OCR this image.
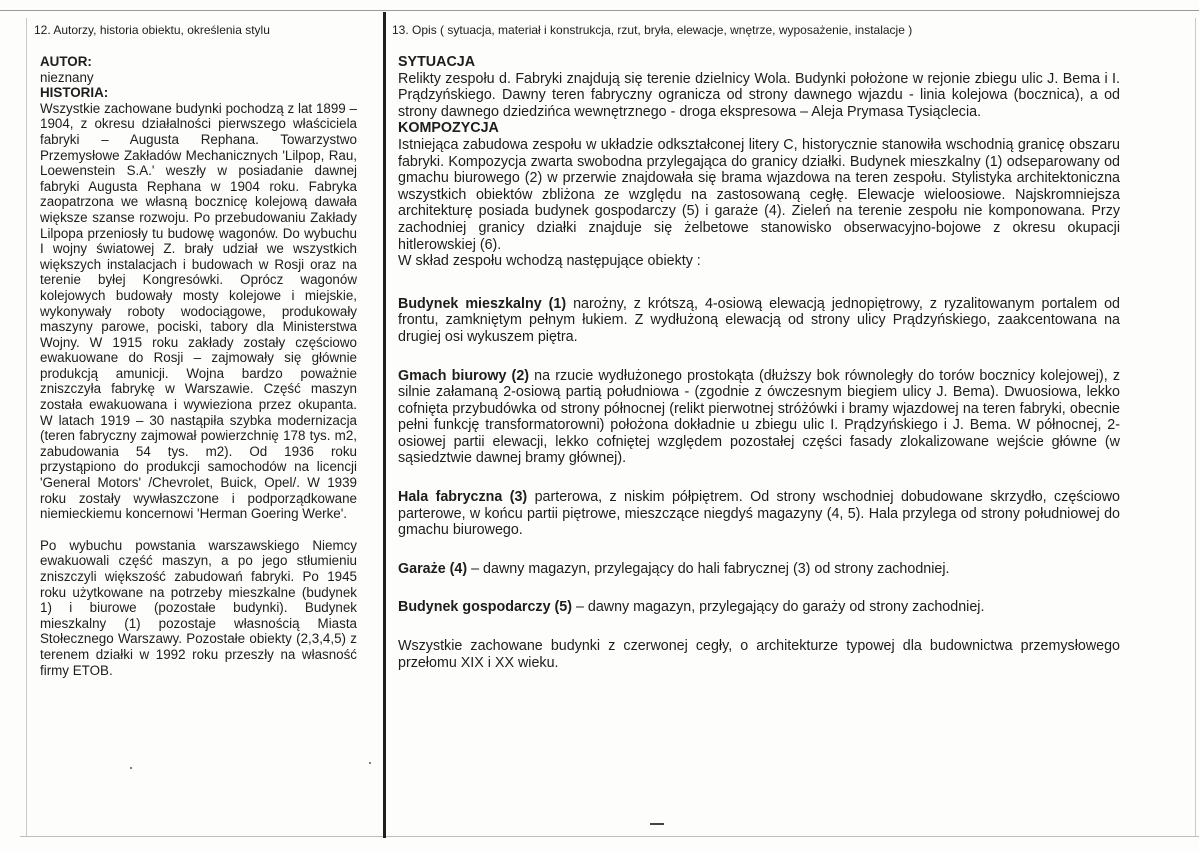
12. Autorzy, historia obiektu, określenia stylu	13. Opis ( sytuacja, materiał i konstrukcja, rzut, bryła, elewacje, wnętrze, wyposażenie, instalacje )

AUTOR:

nieznany

HISTORIA:

Wszystkie zachowane budynki pochodzą z lat 1899 – 1904, z okresu działalności pierwszego właściciela fabryki – Augusta Rephana. Towarzystwo Przemysłowe Zakładów Mechanicznych 'Lilpop, Rau, Loewenstein S.A.' weszły w posiadanie dawnej fabryki Augusta Rephana w 1904 roku. Fabryka zaopatrzona we własną bocznicę kolejową dawała większe szanse rozwoju. Po przebudowaniu Zakłady Lilpopa przeniosły tu budowę wagonów. Do wybuchu I wojny światowej Z. brały udział we wszystkich większych instalacjach i budowach w Rosji oraz na terenie byłej Kongresówki. Oprócz wagonów kolejowych budowały mosty kolejowe i miejskie, wykonywały roboty wodociągowe, produkowały maszyny parowe, pociski, tabory dla Ministerstwa Wojny. W 1915 roku zakłady zostały częściowo ewakuowane do Rosji – zajmowały się głównie produkcją amunicji. Wojna bardzo poważnie zniszczyła fabrykę w Warszawie. Część maszyn została ewakuowana i wywieziona przez okupanta. W latach 1919 – 30 nastąpiła szybka modernizacja (teren fabryczny zajmował powierzchnię 178 tys. m2, zabudowania 54 tys. m2). Od 1936 roku przystąpiono do produkcji samochodów na licencji 'General Motors' /Chevrolet, Buick, Opel/. W 1939 roku zostały wywłaszczone i podporządkowane niemieckiemu koncernowi 'Herman Goering Werke'.

Po wybuchu powstania warszawskiego Niemcy ewakuowali część maszyn, a po jego stłumieniu zniszczyli większość zabudowań fabryki. Po 1945 roku użytkowane na potrzeby mieszkalne (budynek 1) i biurowe (pozostałe budynki). Budynek mieszkalny (1) pozostaje własnością Miasta Stołecznego Warszawy. Pozostałe obiekty (2,3,4,5) z terenem działki w 1992 roku przeszły na własność firmy ETOB.

SYTUACJA

Relikty zespołu d. Fabryki znajdują się terenie dzielnicy Wola. Budynki położone w rejonie zbiegu ulic J. Bema i I. Prądzyńskiego. Dawny teren fabryczny ogranicza od strony dawnego wjazdu - linia kolejowa (bocznica), a od strony dawnego dziedzińca wewnętrznego - droga ekspresowa – Aleja Prymasa Tysiąclecia.

KOMPOZYCJA

Istniejąca zabudowa zespołu w układzie odkształconej litery C, historycznie stanowiła wschodnią granicę obszaru fabryki. Kompozycja zwarta swobodna przylegająca do granicy działki. Budynek mieszkalny (1) odseparowany od gmachu biurowego (2) w przerwie znajdowała się brama wjazdowa na teren zespołu. Stylistyka architektoniczna wszystkich obiektów zbliżona ze względu na zastosowaną cegłę. Elewacje wieloosiowe. Najskromniejsza architekturę posiada budynek gospodarczy (5) i garaże (4). Zieleń na terenie zespołu nie komponowana. Przy zachodniej granicy działki znajduje się żelbetowe stanowisko obserwacyjno-bojowe z okresu okupacji hitlerowskiej (6).

W skład zespołu wchodzą następujące obiekty :

Budynek mieszkalny (1) narożny, z krótszą, 4-osiową elewacją jednopiętrowy, z ryzalitowanym portalem od frontu, zamkniętym pełnym łukiem. Z wydłużoną elewacją od strony ulicy Prądzyńskiego, zaakcentowana na drugiej osi wykuszem piętra.

Gmach biurowy (2) na rzucie wydłużonego prostokąta (dłuższy bok równoległy do torów bocznicy kolejowej), z silnie załamaną 2-osiową partią południowa - (zgodnie z ówczesnym biegiem ulicy J. Bema). Dwuosiowa, lekko cofnięta przybudówka od strony północnej (relikt pierwotnej stróżówki i bramy wjazdowej na teren fabryki, obecnie pełni funkcję transformatorowni) położona dokładnie u zbiegu ulic I. Prądzyńskiego i J. Bema. W północnej, 2-osiowej partii elewacji, lekko cofniętej względem pozostałej części fasady zlokalizowane wejście główne (w sąsiedztwie dawnej bramy głównej).

Hala fabryczna (3) parterowa, z niskim półpiętrem. Od strony wschodniej dobudowane skrzydło, częściowo parterowe, w końcu partii piętrowe, mieszczące niegdyś magazyny (4, 5). Hala przylega od strony południowej do gmachu biurowego.

Garaże (4) – dawny magazyn, przylegający do hali fabrycznej (3) od strony zachodniej.

Budynek gospodarczy (5) – dawny magazyn, przylegający do garaży od strony zachodniej.

Wszystkie zachowane budynki z czerwonej cegły, o architekturze typowej dla budownictwa przemysłowego przełomu XIX i XX wieku.
